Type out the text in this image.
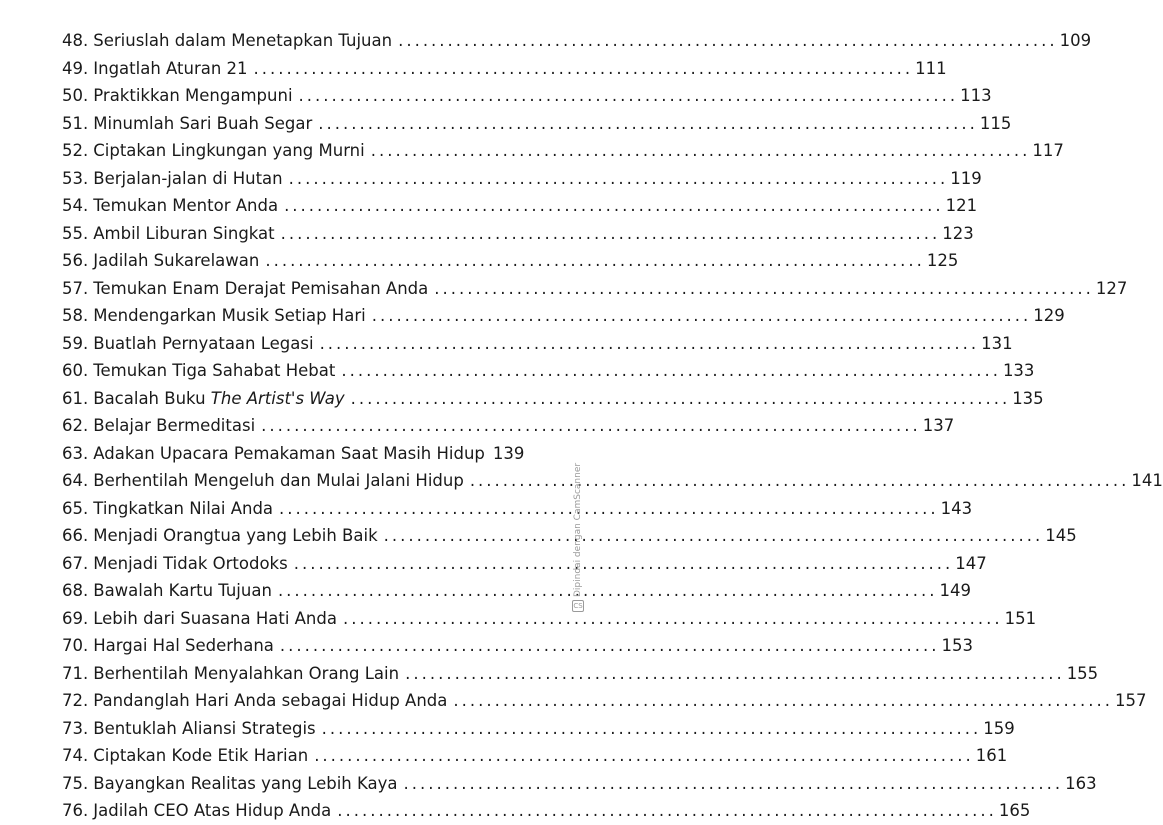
48. Seriuslah dalam Menetapkan Tujuan ................................................................................ 109
49. Ingatlah Aturan 21 ................................................................................ 111
50. Praktikkan Mengampuni ................................................................................ 113
51. Minumlah Sari Buah Segar ................................................................................ 115
52. Ciptakan Lingkungan yang Murni ................................................................................ 117
53. Berjalan-jalan di Hutan ................................................................................ 119
54. Temukan Mentor Anda ................................................................................ 121
55. Ambil Liburan Singkat ................................................................................ 123
56. Jadilah Sukarelawan ................................................................................ 125
57. Temukan Enam Derajat Pemisahan Anda ................................................................................ 127
58. Mendengarkan Musik Setiap Hari ................................................................................ 129
59. Buatlah Pernyataan Legasi ................................................................................ 131
60. Temukan Tiga Sahabat Hebat ................................................................................ 133
61. Bacalah Buku The Artist's Way ................................................................................ 135
62. Belajar Bermeditasi ................................................................................ 137
63. Adakan Upacara Pemakaman Saat Masih Hidup 139
64. Berhentilah Mengeluh dan Mulai Jalani Hidup ................................................................................ 141
65. Tingkatkan Nilai Anda ................................................................................ 143
66. Menjadi Orangtua yang Lebih Baik ................................................................................ 145
67. Menjadi Tidak Ortodoks ................................................................................ 147
68. Bawalah Kartu Tujuan ................................................................................ 149
69. Lebih dari Suasana Hati Anda ................................................................................ 151
70. Hargai Hal Sederhana ................................................................................ 153
71. Berhentilah Menyalahkan Orang Lain ................................................................................ 155
72. Pandanglah Hari Anda sebagai Hidup Anda ................................................................................ 157
73. Bentuklah Aliansi Strategis ................................................................................ 159
74. Ciptakan Kode Etik Harian ................................................................................ 161
75. Bayangkan Realitas yang Lebih Kaya ................................................................................ 163
76. Jadilah CEO Atas Hidup Anda ................................................................................ 165
CS
Dipindai dengan CamScanner
